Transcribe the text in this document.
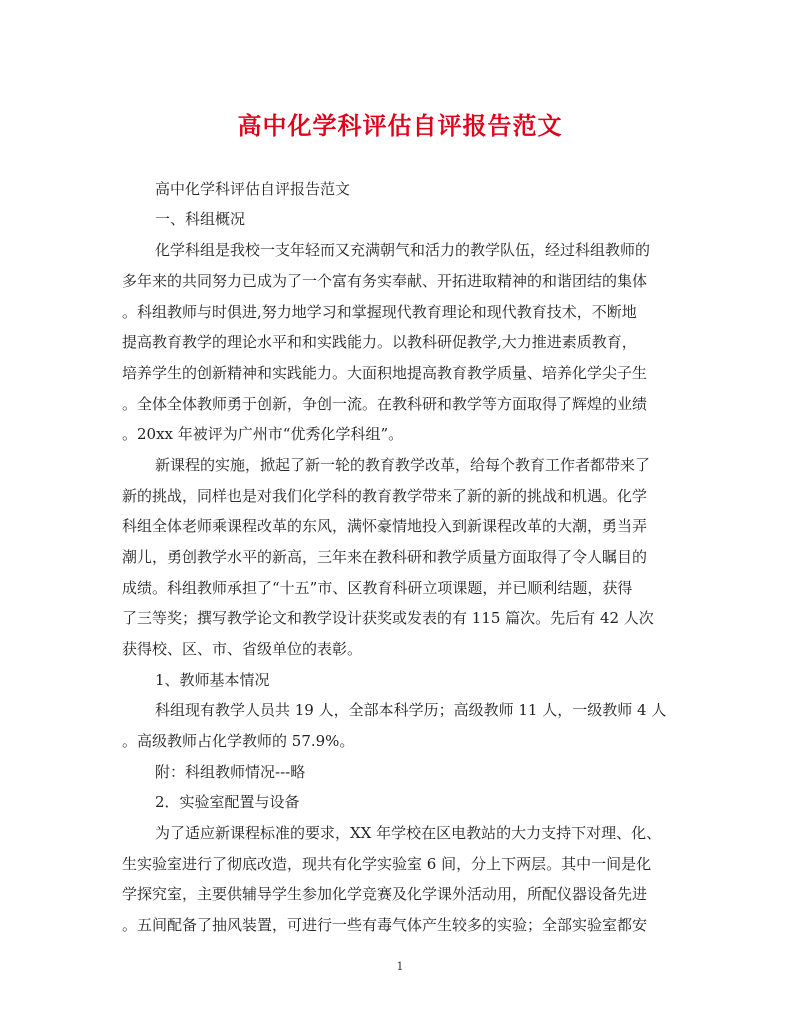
高中化学科评估自评报告范文
高中化学科评估自评报告范文
一、科组概况
化学科组是我校一支年轻而又充满朝气和活力的教学队伍，经过科组教师的
多年来的共同努力已成为了一个富有务实奉献、开拓进取精神的和谐团结的集体
。科组教师与时俱进,努力地学习和掌握现代教育理论和现代教育技术，不断地
提高教育教学的理论水平和和实践能力。以教科研促教学,大力推进素质教育，
培养学生的创新精神和实践能力。大面积地提高教育教学质量、培养化学尖子生
。全体全体教师勇于创新，争创一流。在教科研和教学等方面取得了辉煌的业绩
。20xx 年被评为广州市“优秀化学科组”。
新课程的实施，掀起了新一轮的教育教学改革，给每个教育工作者都带来了
新的挑战，同样也是对我们化学科的教育教学带来了新的新的挑战和机遇。化学
科组全体老师乘课程改革的东风，满怀豪情地投入到新课程改革的大潮，勇当弄
潮儿，勇创教学水平的新高，三年来在教科研和教学质量方面取得了令人瞩目的
成绩。科组教师承担了“十五”市、区教育科研立项课题，并已顺利结题，获得
了三等奖；撰写教学论文和教学设计获奖或发表的有 115 篇次。先后有 42 人次
获得校、区、市、省级单位的表彰。
1、教师基本情况
科组现有教学人员共 19 人，全部本科学历；高级教师 11 人，一级教师 4 人
。高级教师占化学教师的 57.9%。
附：科组教师情况---略
2．实验室配置与设备
为了适应新课程标准的要求，XX 年学校在区电教站的大力支持下对理、化、
生实验室进行了彻底改造，现共有化学实验室 6 间，分上下两层。其中一间是化
学探究室，主要供辅导学生参加化学竞赛及化学课外活动用，所配仪器设备先进
。五间配备了抽风装置，可进行一些有毒气体产生较多的实验；全部实验室都安
1
